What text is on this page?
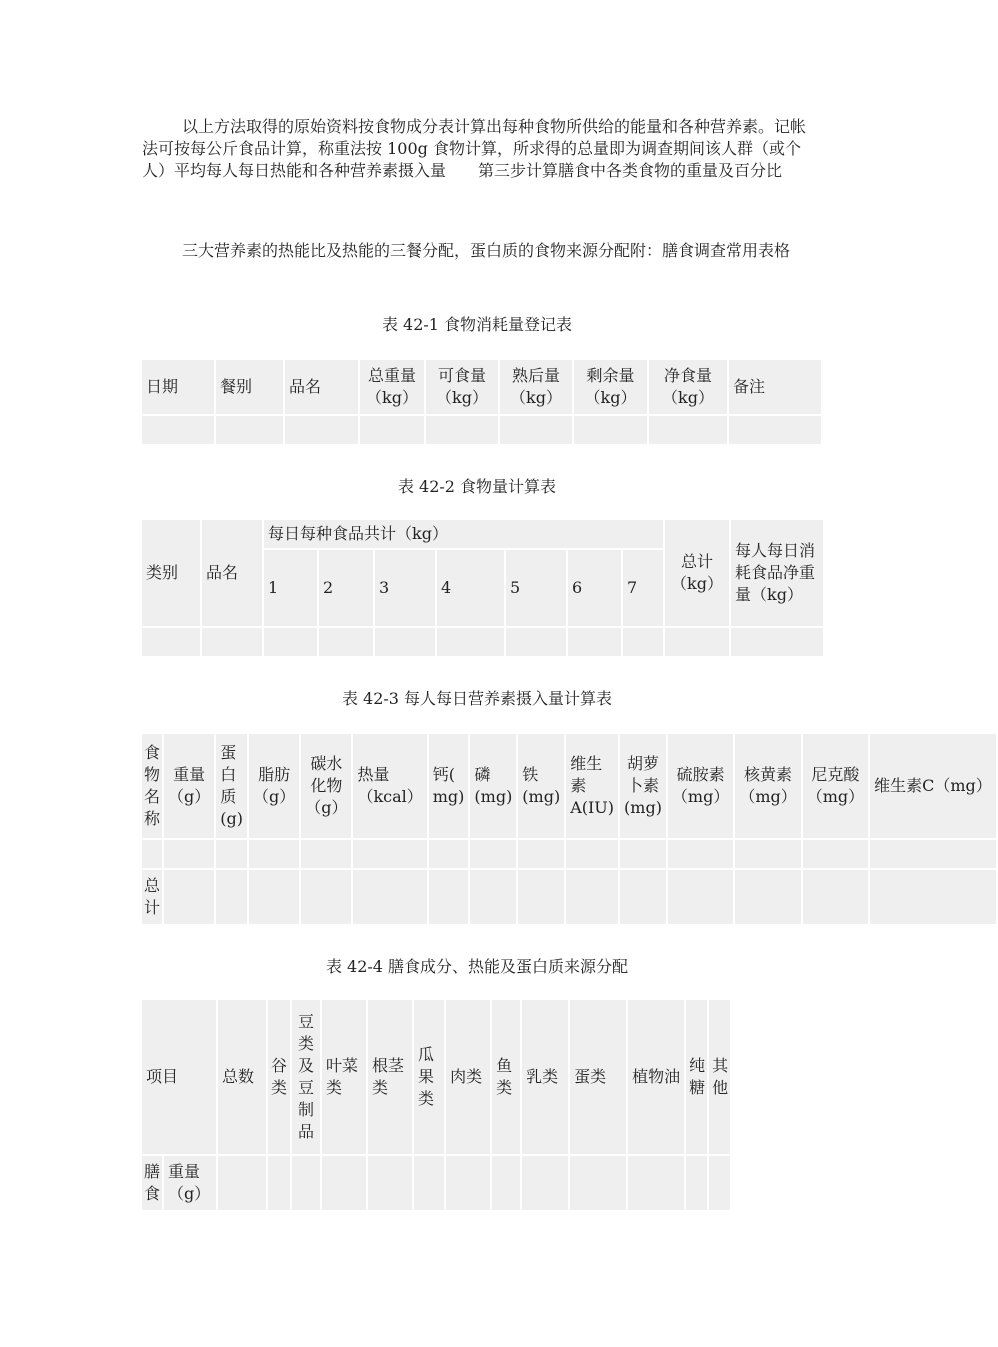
以上方法取得的原始资料按食物成分表计算出每种食物所供给的能量和各种营养素。记帐法可按每公斤食品计算，称重法按 100g 食物计算，所求得的总量即为调查期间该人群（或个人）平均每人每日热能和各种营养素摄入量　　第三步计算膳食中各类食物的重量及百分比

三大营养素的热能比及热能的三餐分配，蛋白质的食物来源分配附：膳食调查常用表格

表 42-1 食物消耗量登记表
日期	餐别	品名	总重量（kg）	可食量（kg）	熟后量（kg）	剩余量（kg）	净食量（kg）	备注

表 42-2 食物量计算表
类别	品名	每日每种食品共计（kg）							总计（kg）	每人每日消耗食品净重量（kg）
		1	2	3	4	5	6	7		

表 42-3 每人每日营养素摄入量计算表
食物名称	重量（g）	蛋白质(g)	脂肪（g）	碳水化物（g）	热量（kcal）	钙( mg)	磷(mg)	铁(mg)	维生素A(IU)	胡萝卜素(mg)	硫胺素（mg）	核黄素（mg）	尼克酸（mg）	维生素C（mg）

总计														
表 42-4 膳食成分、热能及蛋白质来源分配
项目		总数	谷类	豆类及豆制品	叶菜类	根茎类	瓜果类	肉类	鱼类	乳类	蛋类	植物油	纯糖	其他
膳食	重量（g）													
